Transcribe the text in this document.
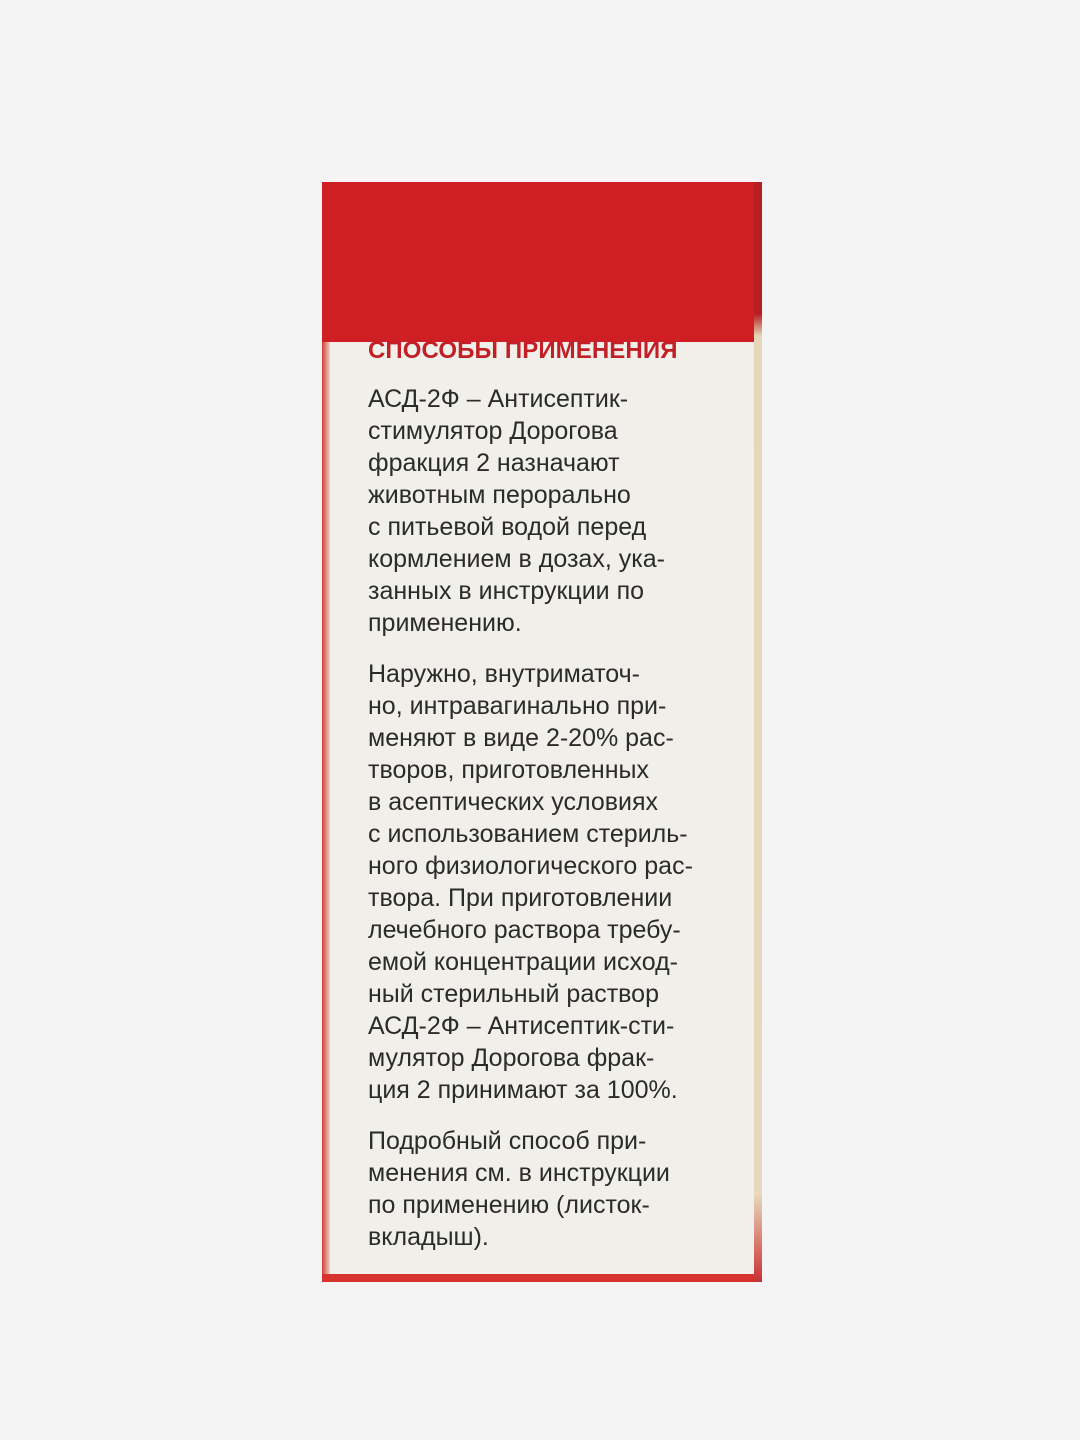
СПОСОБЫ ПРИМЕНЕНИЯ
АСД-2Ф – Антисептик-
стимулятор Дорогова
фракция 2 назначают
животным перорально
с питьевой водой перед
кормлением в дозах, ука-
занных в инструкции по
применению.
Наружно, внутриматоч-
но, интравагинально при-
меняют в виде 2-20% рас-
творов, приготовленных
в асептических условиях
с использованием стериль-
ного физиологического рас-
твора. При приготовлении
лечебного раствора требу-
емой концентрации исход-
ный стерильный раствор
АСД-2Ф – Антисептик-сти-
мулятор Дорогова фрак-
ция 2 принимают за 100%.
Подробный способ при-
менения см. в инструкции
по применению (листок-
вкладыш).
